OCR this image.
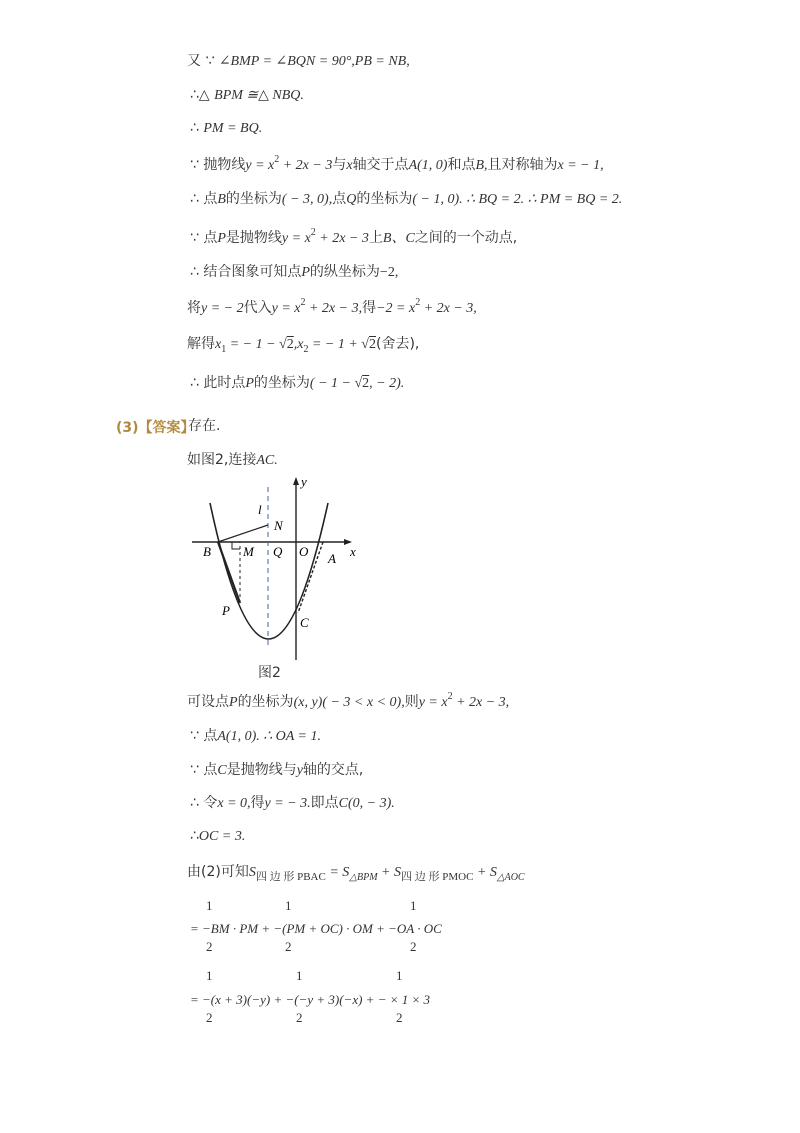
又 ∵ ∠BMP = ∠BQN = 90°,PB = NB,
∴△ BPM ≅△ NBQ.
∴ PM = BQ.
∵ 抛物线$y = x^2 + 2x - 3$与x轴交于点A(1, 0)和点B,且对称轴为x = − 1,
∴ 点B的坐标为( − 3, 0),点Q的坐标为( − 1, 0). ∴ BQ = 2. ∴ PM = BQ = 2.
∵ 点P是抛物线$y = x^2 + 2x - 3$上B、C之间的一个动点,
∴ 结合图象可知点P的纵坐标为−2,
将y = − 2代入$y = x^2 + 2x - 3$,得$-2 = x^2 + 2x - 3$,
解得$x_1$ = − $1 - √2,x_2$ = − 1 + √2(舍去),
∴ 此时点P的坐标为( − 1 − √2, − 2).
(3)【答案】
存在.
如图2,连接AC.
y
x
l
N
B M Q O A
P
C
图2
可设点P的坐标为(x, y)( − 3 < x < 0),则$y = x^2 + 2x - 3$,
∵ 点A(1, 0). ∴ OA = 1.
∵ 点C是抛物线与y轴的交点,
∴ 令x = 0,得y = − 3.即点C(0, − 3).
∴OC = 3.
由(2)可知$S_{四 边 形 PBAC} = S_{\triangle BPM} + S_{四 边 形 PMOC} + S_{\triangle AOC}$
1	1	1
= −BM · PM + −(PM + OC) · OM + −OA · OC
2	2	2
1	1	1
= −(x + 3)(−y) + −(−y + 3)(−x) + − × 1 × 3
2	2	2
